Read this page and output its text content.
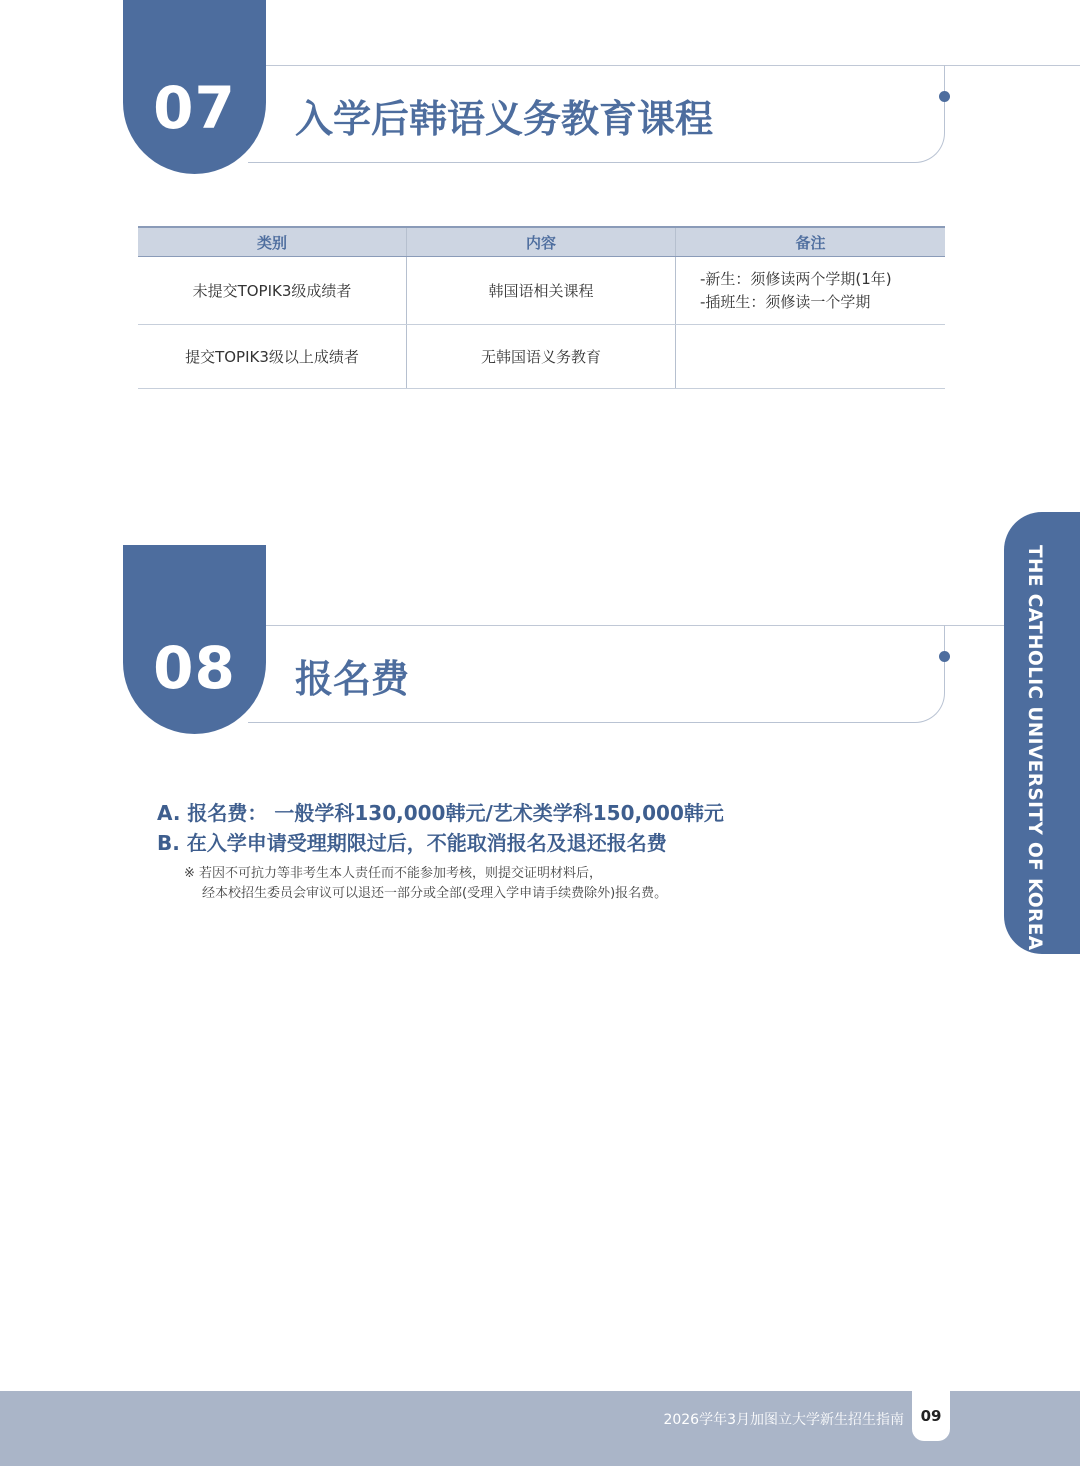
07 入学后韩语义务教育课程
类别	内容	备注
未提交TOPIK3级成绩者	韩国语相关课程
-新生：须修读两个学期(1年)
-插班生：须修读一个学期
提交TOPIK3级以上成绩者	无韩国语义务教育
08 报名费
A. 报名费： 一般学科130,000韩元/艺术类学科150,000韩元
B. 在入学申请受理期限过后，不能取消报名及退还报名费
※ 若因不可抗力等非考生本人责任而不能参加考核，则提交证明材料后，
经本校招生委员会审议可以退还一部分或全部(受理入学申请手续费除外)报名费。	THE CATHOLIC UNIVERSITY OF KOREA
2026学年3月加图立大学新生招生指南	09
